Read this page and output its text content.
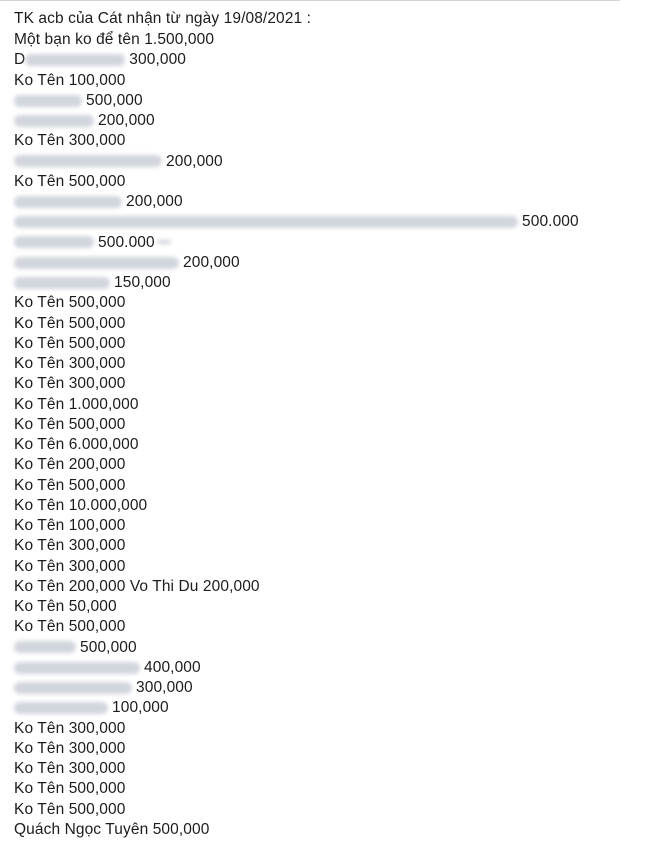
TK acb của Cát nhận từ ngày 19/08/2021 :
Một bạn ko để tên 1.500,000
D	300,000
Ko Tên 100,000
500,000
200,000
Ko Tên 300,000
200,000
Ko Tên 500,000
200,000
500.000
500.000
200,000
150,000
Ko Tên 500,000
Ko Tên 500,000
Ko Tên 500,000
Ko Tên 300,000
Ko Tên 300,000
Ko Tên 1.000,000
Ko Tên 500,000
Ko Tên 6.000,000
Ko Tên 200,000
Ko Tên 500,000
Ko Tên 10.000,000
Ko Tên 100,000
Ko Tên 300,000
Ko Tên 300,000
Ko Tên 200,000 Vo Thi Du 200,000
Ko Tên 50,000
Ko Tên 500,000
500,000
400,000
300,000
100,000
Ko Tên 300,000
Ko Tên 300,000
Ko Tên 300,000
Ko Tên 500,000
Ko Tên 500,000
Quách Ngọc Tuyên 500,000
